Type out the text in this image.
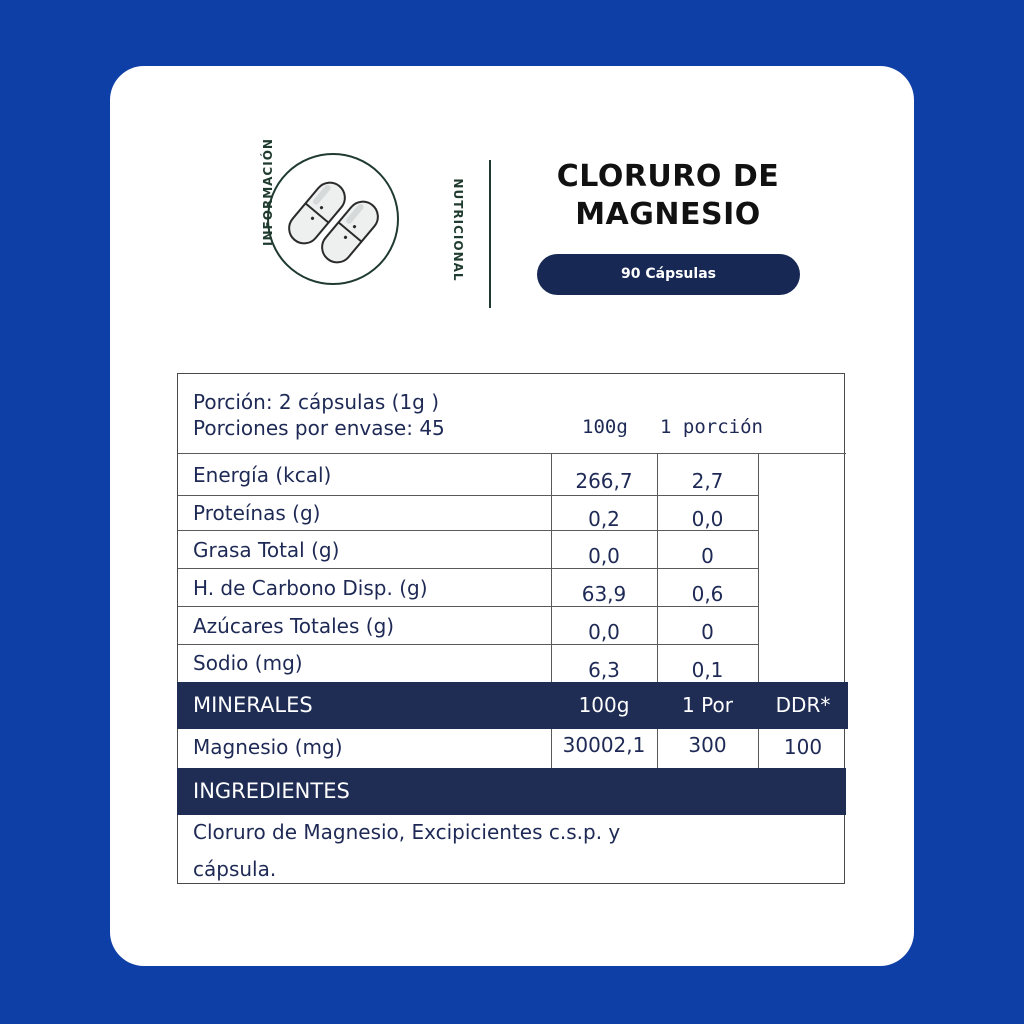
INFORMACIÓN	NUTRICIONAL
CLORURO DE
MAGNESIO
90 Cápsulas
Porción: 2 cápsulas (1g )
Porciones por envase: 45	100g 1 porción
Energía (kcal)	266,7	2,7
Proteínas (g)	0,2	0,0
Grasa Total (g)	0,0	0
H. de Carbono Disp. (g)	63,9	0,6
Azúcares Totales (g)	0,0	0
Sodio (mg)	6,3	0,1
MINERALES	100g	1 Por	DDR*
Magnesio (mg)	30002,1	300	100
INGREDIENTES
Cloruro de Magnesio, Excipicientes c.s.p. y
cápsula.
